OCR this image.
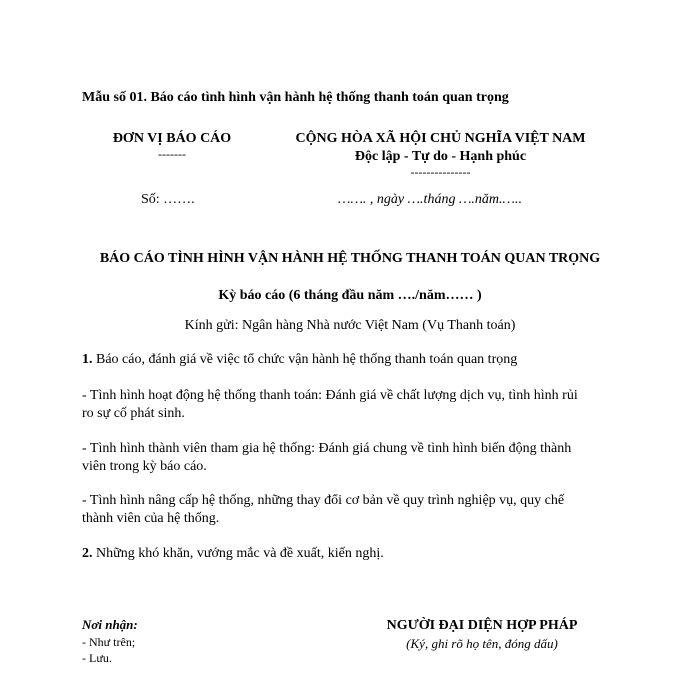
Mẫu số 01. Báo cáo tình hình vận hành hệ thống thanh toán quan trọng
ĐƠN VỊ BÁO CÁO
-------
Số: …….
CỘNG HÒA XÃ HỘI CHỦ NGHĨA VIỆT NAM
Độc lập - Tự do - Hạnh phúc
---------------
……. , ngày ….tháng ….năm.…..
BÁO CÁO TÌNH HÌNH VẬN HÀNH HỆ THỐNG THANH TOÁN QUAN TRỌNG
Kỳ báo cáo (6 tháng đầu năm …./năm…… )
Kính gửi: Ngân hàng Nhà nước Việt Nam (Vụ Thanh toán)
1. Báo cáo, đánh giá về việc tổ chức vận hành hệ thống thanh toán quan trọng
- Tình hình hoạt động hệ thống thanh toán: Đánh giá về chất lượng dịch vụ, tình hình rủi
ro sự cố phát sinh.
- Tình hình thành viên tham gia hệ thống: Đánh giá chung về tình hình biến động thành
viên trong kỳ báo cáo.
- Tình hình nâng cấp hệ thống, những thay đổi cơ bản về quy trình nghiệp vụ, quy chế
thành viên của hệ thống.
2. Những khó khăn, vướng mắc và đề xuất, kiến nghị.
Nơi nhận:
- Như trên;
- Lưu.
NGƯỜI ĐẠI DIỆN HỢP PHÁP
(Ký, ghi rõ họ tên, đóng dấu)
